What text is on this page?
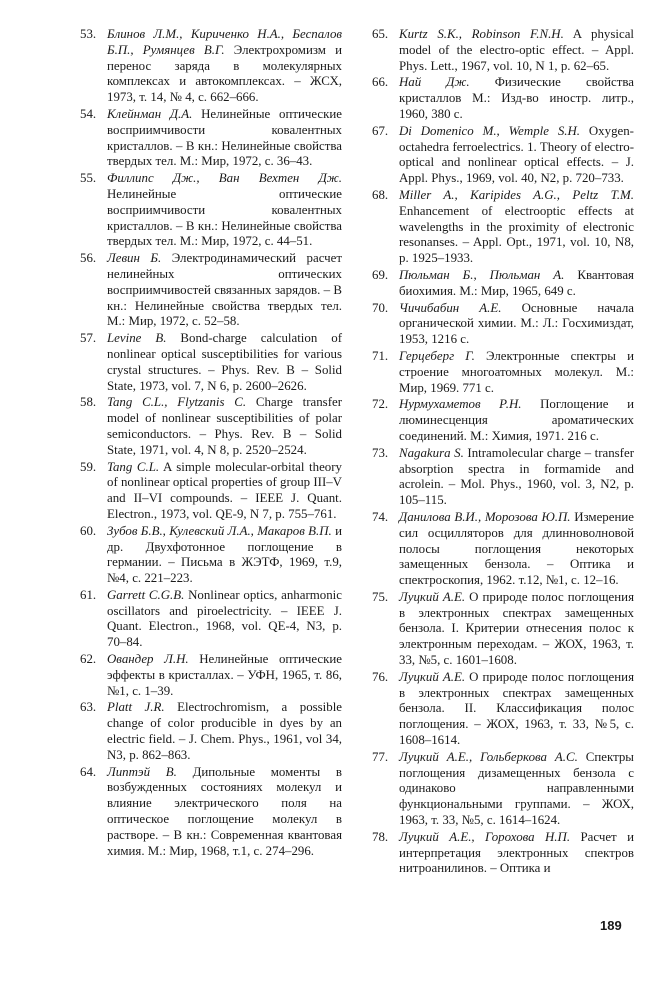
53. Блинов Л.М., Кириченко Н.А., Беспалов Б.П., Румянцев В.Г. Электрохромизм и перенос заряда в молекулярных комплексах и автокомплексах. – ЖСХ, 1973, т. 14, № 4, с. 662–666.
54. Клейнман Д.А. Нелинейные оптические восприимчивости ковалентных кристаллов. – В кн.: Нелинейные свойства твердых тел. М.: Мир, 1972, с. 36–43.
55. Филлипс Дж., Ван Вехтен Дж. Нелинейные оптические восприимчивости ковалентных кристаллов. – В кн.: Нелинейные свойства твердых тел. М.: Мир, 1972, с. 44–51.
56. Левин Б. Электродинамический расчет нелинейных оптических восприимчивостей связанных зарядов. – В кн.: Нелинейные свойства твердых тел. М.: Мир, 1972, с. 52–58.
57. Levine B. Bond-charge calculation of nonlinear optical susceptibilities for various crystal structures. – Phys. Rev. B – Solid State, 1973, vol. 7, N 6, p. 2600–2626.
58. Tang C.L., Flytzanis C. Charge transfer model of nonlinear susceptibilities of polar semiconductors. – Phys. Rev. B – Solid State, 1971, vol. 4, N 8, p. 2520–2524.
59. Tang C.L. A simple molecular-orbital theory of nonlinear optical properties of group III–V and II–VI compounds. – IEEE J. Quant. Electron., 1973, vol. QE-9, N 7, p. 755–761.
60. Зубов Б.В., Кулевский Л.А., Макаров В.П. и др. Двухфотонное поглощение в германии. – Письма в ЖЭТФ, 1969, т.9, №4, с. 221–223.
61. Garrett C.G.B. Nonlinear optics, anharmonic oscillators and piroelectricity. – IEEE J. Quant. Electron., 1968, vol. QE-4, N3, p. 70–84.
62. Овандер Л.Н. Нелинейные оптические эффекты в кристаллах. – УФН, 1965, т. 86, №1, с. 1–39.
63. Platt J.R. Electrochromism, a possible change of color producible in dyes by an electric field. – J. Chem. Phys., 1961, vol 34, N3, p. 862–863.
64. Липтэй В. Дипольные моменты в возбужденных состояниях молекул и влияние электрического поля на оптическое поглощение молекул в растворе. – В кн.: Современная квантовая химия. М.: Мир, 1968, т.1, с. 274–296.
65. Kurtz S.K., Robinson F.N.H. A physical model of the electro-optic effect. – Appl. Phys. Lett., 1967, vol. 10, N 1, p. 62–65.
66. Най Дж. Физические свойства кристаллов М.: Изд-во иностр. литр., 1960, 380 с.
67. Di Domenico M., Wemple S.H. Oxygen-octahedra ferroelectrics. 1. Theory of electro-optical and nonlinear optical effects. – J. Appl. Phys., 1969, vol. 40, N2, p. 720–733.
68. Miller A., Karipides A.G., Peltz T.M. Enhancement of electrooptic effects at wavelengths in the proximity of electronic resonanses. – Appl. Opt., 1971, vol. 10, N8, p. 1925–1933.
69. Пюльман Б., Пюльман А. Квантовая биохимия. М.: Мир, 1965, 649 с.
70. Чичибабин А.Е. Основные начала органической химии. М.: Л.: Госхимиздат, 1953, 1216 с.
71. Герцеберг Г. Электронные спектры и строение многоатомных молекул. М.: Мир, 1969. 771 с.
72. Нурмухаметов Р.Н. Поглощение и люминесценция ароматических соединений. М.: Химия, 1971. 216 с.
73. Nagakura S. Intramolecular charge – transfer absorption spectra in formamide and acrolein. – Mol. Phys., 1960, vol. 3, N2, p. 105–115.
74. Данилова В.И., Морозова Ю.П. Измерение сил осцилляторов для длинноволновой полосы поглощения некоторых замещенных бензола. – Оптика и спектроскопия, 1962. т.12, №1, с. 12–16.
75. Луцкий А.Е. О природе полос поглощения в электронных спектрах замещенных бензола. I. Критерии отнесения полос к электронным переходам. – ЖОХ, 1963, т. 33, №5, с. 1601–1608.
76. Луцкий А.Е. О природе полос поглощения в электронных спектрах замещенных бензола. II. Классификация полос поглощения. – ЖОХ, 1963, т. 33, №5, с. 1608–1614.
77. Луцкий А.Е., Гольберкова А.С. Спектры поглощения дизамещенных бензола с одинаково направленными функциональными группами. – ЖОХ, 1963, т. 33, №5, с. 1614–1624.
78. Луцкий А.Е., Горохова Н.П. Расчет и интерпретация электронных спектров нитроанилинов. – Оптика и
189
